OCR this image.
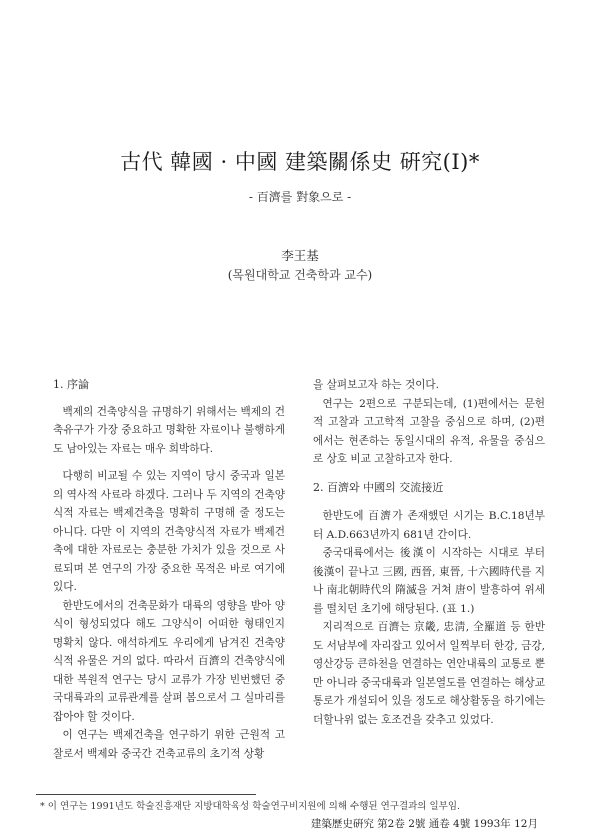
古代 韓國 · 中國 建築關係史 硏究(Ⅰ)*
- 百濟를 對象으로 -
李王基
(목원대학교 건축학과 교수)
1. 序論

백제의 건축양식을 규명하기 위해서는 백제의 건축유구가 가장 중요하고 명확한 자료이나 불행하게도 남아있는 자료는 매우 희박하다.

다행히 비교될 수 있는 지역이 당시 중국과 일본의 역사적 사료라 하겠다. 그러나 두 지역의 건축양식적 자료는 백제건축을 명확히 구명해 줄 정도는 아니다. 다만 이 지역의 건축양식적 자료가 백제건축에 대한 자료로는 충분한 가치가 있을 것으로 사료되며 본 연구의 가장 중요한 목적은 바로 여기에 있다.

한반도에서의 건축문화가 대륙의 영향을 받아 양식이 형성되었다 해도 그양식이 어떠한 형태인지 명확치 않다. 애석하게도 우리에게 남겨진 건축양식적 유물은 거의 없다. 따라서 百濟의 건축양식에 대한 복원적 연구는 당시 교류가 가장 빈번했던 중국대륙과의 교류관계를 살펴 봄으로서 그 실마리를 잡아야 할 것이다.

이 연구는 백제건축을 연구하기 위한 근원적 고찰로서 백제와 중국간 건축교류의 초기적 상황

을 살펴보고자 하는 것이다.

연구는 2편으로 구분되는데, (1)편에서는 문헌적 고찰과 고고학적 고찰을 중심으로 하며, (2)편에서는 현존하는 동일시대의 유적, 유물을 중심으로 상호 비교 고찰하고자 한다.

2. 百濟와 中國의 交流接近

한반도에 百濟가 존재했던 시기는 B.C.18년부터 A.D.663년까지 681년 간이다.

중국대륙에서는 後漢이 시작하는 시대로 부터 後漢이 끝나고 三國, 西晉, 東晉, 十六國時代를 지나 南北朝時代의 隋滅을 거쳐 唐이 발흥하여 위세를 떨치던 초기에 해당된다. (표 1.)

지리적으로 百濟는 京畿, 忠淸, 全羅道 등 한반도 서남부에 자리잡고 있어서 일찍부터 한강, 금강, 영산강등 큰하천을 연결하는 연안내륙의 교통로 뿐만 아니라 중국대륙과 일본열도를 연결하는 해상교통로가 개설되어 있을 정도로 해상활동을 하기에는 더할나위 없는 호조건을 갖추고 있었다.

* 이 연구는 1991년도 학술진흥재단 지방대학육성 학술연구비지원에 의해 수행된 연구결과의 일부임.
建築歷史硏究 第2卷 2號 通卷 4號 1993年 12月
